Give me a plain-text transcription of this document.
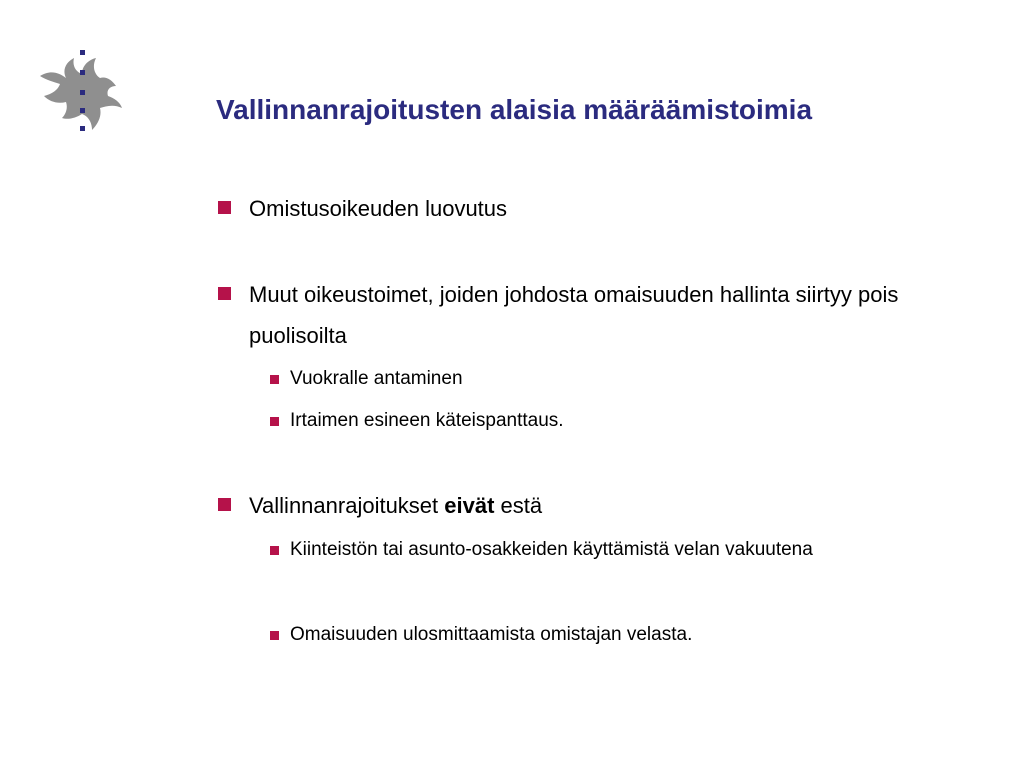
Vallinnanrajoitusten alaisia määräämistoimia
Omistusoikeuden luovutus
Muut oikeustoimet, joiden johdosta omaisuuden hallinta siirtyy pois puolisoilta
Vuokralle antaminen
Irtaimen esineen käteispanttaus.
Vallinnanrajoitukset eivät estä
Kiinteistön tai asunto-osakkeiden käyttämistä velan vakuutena
Omaisuuden ulosmittaamista omistajan velasta.
